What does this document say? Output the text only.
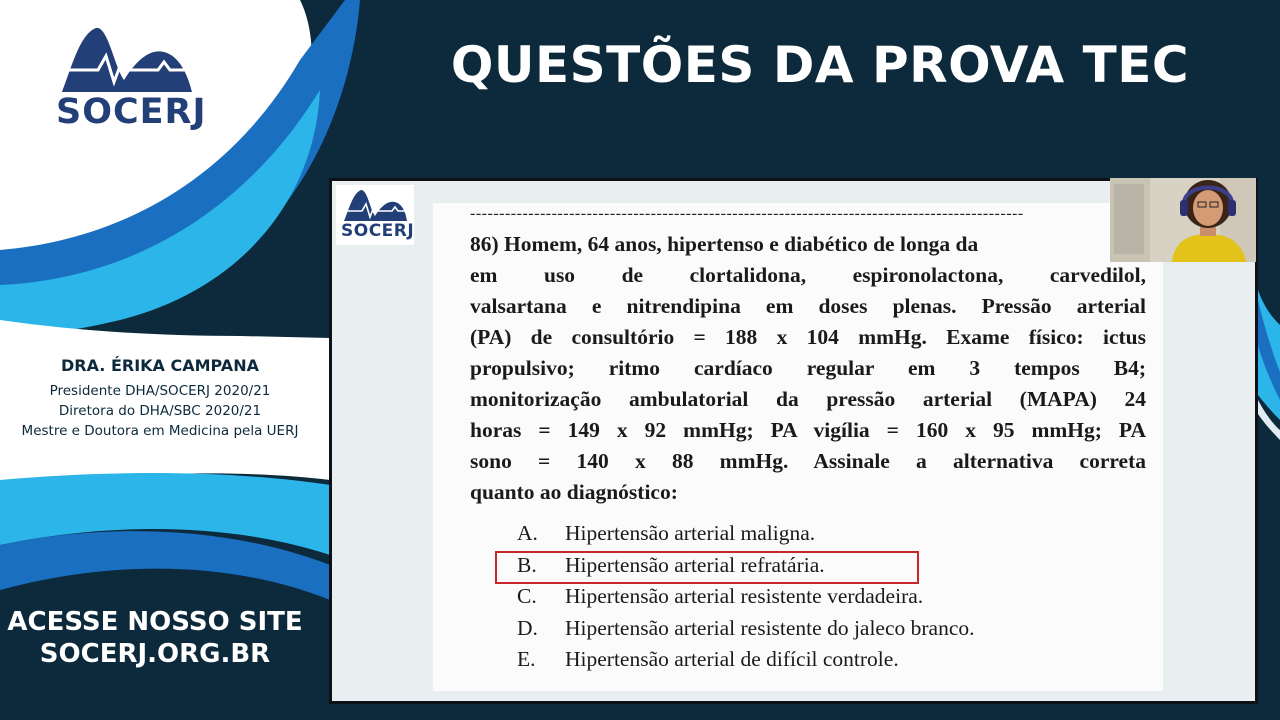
SOCERJ
QUESTÕES DA PROVA TEC
DRA. ÉRIKA CAMPANA
Presidente DHA/SOCERJ 2020/21
Diretora do DHA/SBC 2020/21
Mestre e Doutora em Medicina pela UERJ
ACESSE NOSSO SITE
SOCERJ.ORG.BR
SOCERJ
-----------------------------------------------------------------------------------------------
86) Homem, 64 anos, hipertenso e diabético de longa da
em uso de clortalidona, espironolactona, carvedilol,
valsartana e nitrendipina em doses plenas. Pressão arterial
(PA) de consultório = 188 x 104 mmHg. Exame físico: ictus
propulsivo; ritmo cardíaco regular em 3 tempos B4;
monitorização ambulatorial da pressão arterial (MAPA) 24
horas = 149 x 92 mmHg; PA vigília = 160 x 95 mmHg; PA
sono = 140 x 88 mmHg. Assinale a alternativa correta
quanto ao diagnóstico:
A.	Hipertensão arterial maligna.
B.	Hipertensão arterial refratária.
C.	Hipertensão arterial resistente verdadeira.
D.	Hipertensão arterial resistente do jaleco branco.
E.	Hipertensão arterial de difícil controle.
